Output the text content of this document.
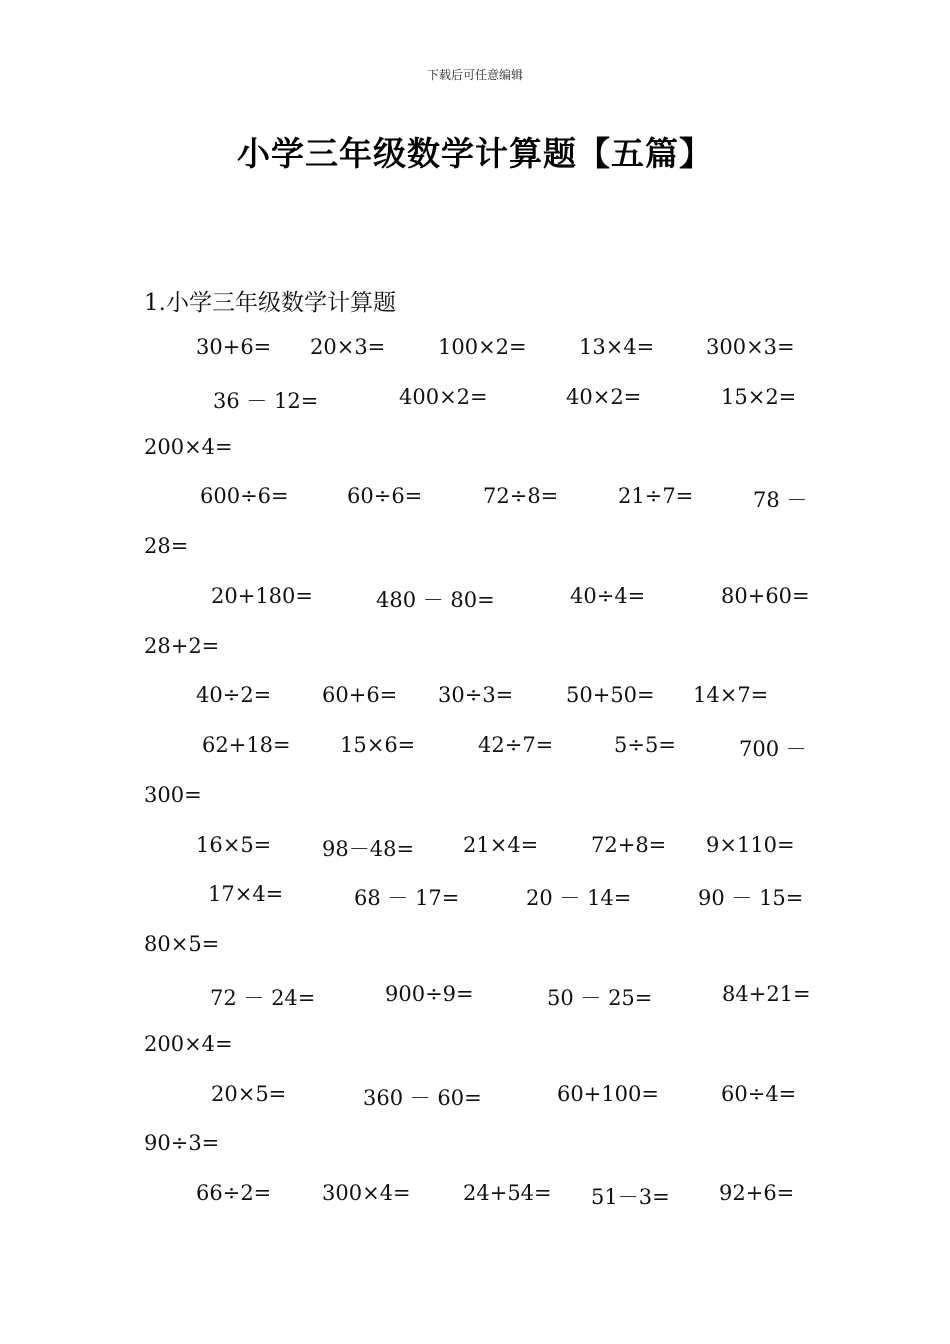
下载后可任意编辑
小学三年级数学计算题【五篇】
1.小学三年级数学计算题
30+6= 20×3=	100×2= 13×4= 300×3=
36 － 12=	400×2=	40×2=	15×2=
200×4=
600÷6=	60÷6=	72÷8=	21÷7=	78 －
28=
20+180=	480 － 80=	40÷4=	80+60=
28+2=
40÷2= 60+6= 30÷3=	50+50= 14×7=
62+18= 15×6=	42÷7=	5÷5=	700 －
300=
16×5= 98－48= 21×4=	72+8= 9×110=
17×4=	68 － 17=	20 － 14=	90 － 15=
80×5=
72 － 24=	900÷9=	50 － 25=	84+21=
200×4=
20×5=	360 － 60=	60+100=	60÷4=
90÷3=
66÷2= 300×4= 24+54= 51－3= 92+6=
